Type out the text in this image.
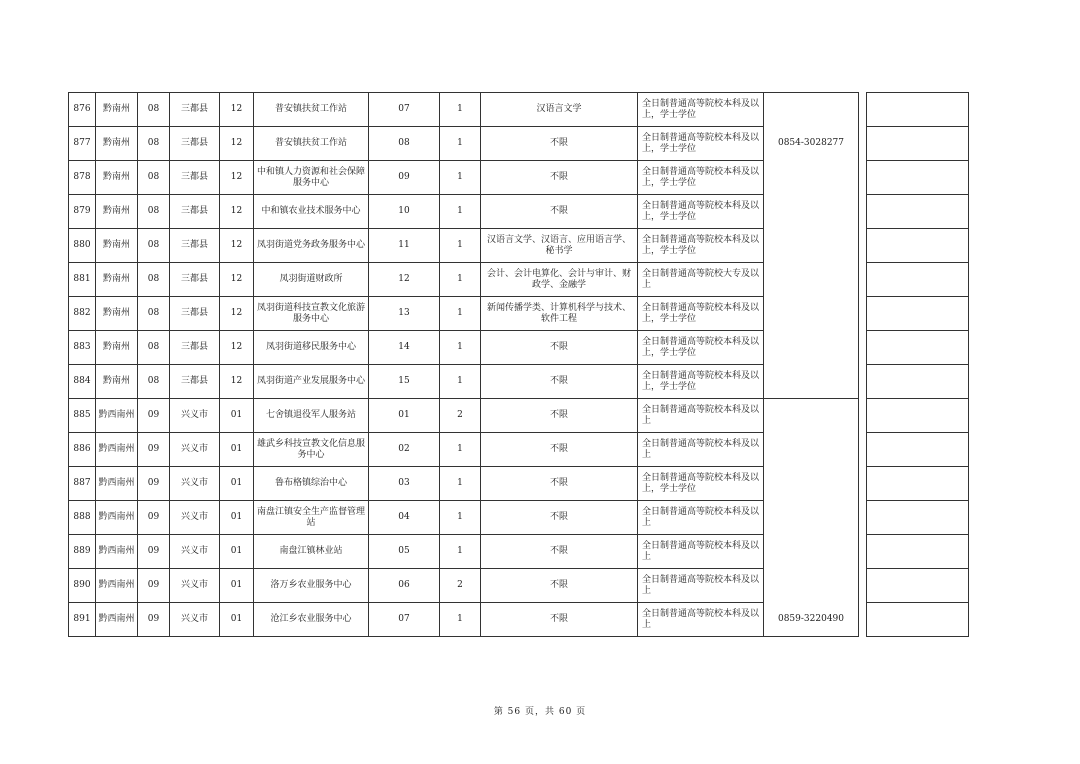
876	黔南州	08	三都县	12	普安镇扶贫工作站	07	1	汉语言文学	全日制普通高等院校本科及以上，学士学位			
877	黔南州	08	三都县	12	普安镇扶贫工作站	08	1	不限	全日制普通高等院校本科及以上，学士学位	0854-3028277		
878	黔南州	08	三都县	12	中和镇人力资源和社会保障服务中心	09	1	不限	全日制普通高等院校本科及以上，学士学位			
879	黔南州	08	三都县	12	中和镇农业技术服务中心	10	1	不限	全日制普通高等院校本科及以上，学士学位			
880	黔南州	08	三都县	12	凤羽街道党务政务服务中心	11	1	汉语言文学、汉语言、应用语言学、秘书学	全日制普通高等院校本科及以上，学士学位			
881	黔南州	08	三都县	12	凤羽街道财政所	12	1	会计、会计电算化、会计与审计、财政学、金融学	全日制普通高等院校大专及以上			
882	黔南州	08	三都县	12	凤羽街道科技宣教文化旅游服务中心	13	1	新闻传播学类、计算机科学与技术、软件工程	全日制普通高等院校本科及以上，学士学位			
883	黔南州	08	三都县	12	凤羽街道移民服务中心	14	1	不限	全日制普通高等院校本科及以上，学士学位			
884	黔南州	08	三都县	12	凤羽街道产业发展服务中心	15	1	不限	全日制普通高等院校本科及以上，学士学位			
885	黔西南州	09	兴义市	01	七舍镇退役军人服务站	01	2	不限	全日制普通高等院校本科及以上			
886	黔西南州	09	兴义市	01	雄武乡科技宣教文化信息服务中心	02	1	不限	全日制普通高等院校本科及以上			
887	黔西南州	09	兴义市	01	鲁布格镇综治中心	03	1	不限	全日制普通高等院校本科及以上，学士学位			
888	黔西南州	09	兴义市	01	南盘江镇安全生产监督管理站	04	1	不限	全日制普通高等院校本科及以上			
889	黔西南州	09	兴义市	01	南盘江镇林业站	05	1	不限	全日制普通高等院校本科及以上			
890	黔西南州	09	兴义市	01	洛万乡农业服务中心	06	2	不限	全日制普通高等院校本科及以上			
891	黔西南州	09	兴义市	01	沧江乡农业服务中心	07	1	不限	全日制普通高等院校本科及以上	0859-3220490		
第 56 页，共 60 页
